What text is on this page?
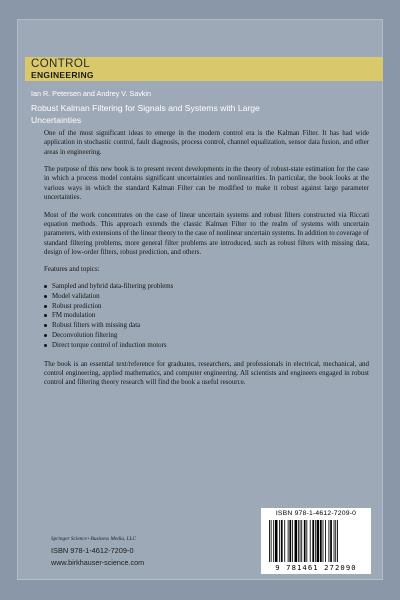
CONTROL
ENGINEERING
Ian R. Petersen and Andrey V. Savkin
Robust Kalman Filtering for Signals and Systems with Large Uncertainties

One of the most significant ideas to emerge in the modern control era is the Kalman Filter. It has had wide application in stochastic control, fault diagnosis, process control, channel equalization, sensor data fusion, and other areas in engineering.

The purpose of this new book is to present recent developments in the theory of robust-state estimation for the case in which a process model contains significant uncertainties and nonlinearities. In particular, the book looks at the various ways in which the standard Kalman Filter can be modified to make it robust against large parameter uncertainties.

Most of the work concentrates on the case of linear uncertain systems and robust filters constructed via Riccati equation methods. This approach extends the classic Kalman Filter to the realm of systems with uncertain parameters, with extensions of the linear theory to the case of nonlinear uncertain systems. In addition to coverage of standard filtering problems, more general filter problems are introduced, such as robust filters with missing data, design of low-order filters, robust prediction, and others.

Features and topics:

Sampled and hybrid data-filtering problems
Model validation
Robust prediction
FM modulation
Robust filters with missing data
Deconvolution filtering
Direct torque control of induction motors

The book is an essential text/reference for graduates, researchers, and professionals in electrical, mechanical, and control engineering, applied mathematics, and computer engineering. All scientists and engineers engaged in robust control and filtering theory research will find the book a useful resource.

Springer Science+Business Media, LLC
ISBN 978-1-4612-7209-0
www.birkhauser-science.com
ISBN 978-1-4612-7209-0
9 781461 272090
